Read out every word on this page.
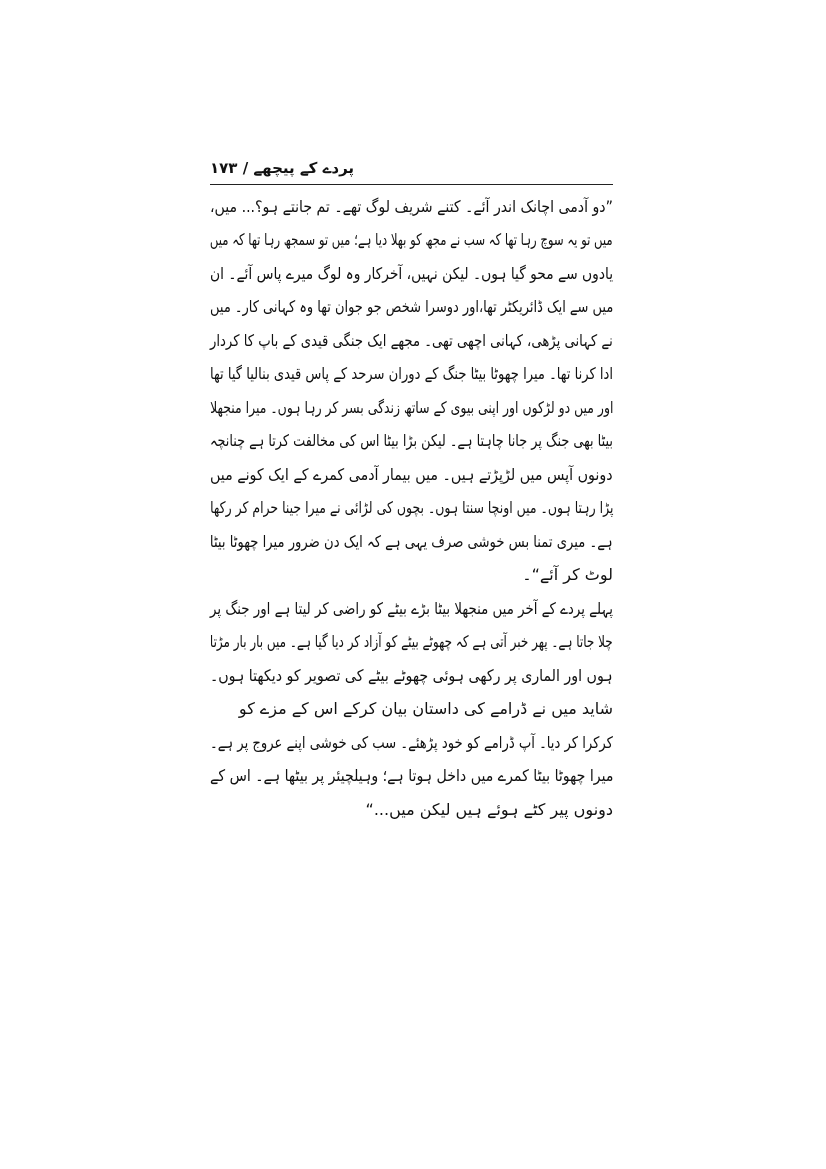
پردے کے پیچھے / ۱۷۳
”دو آدمی اچانک اندر آئے۔ کتنے شریف لوگ تھے۔ تم جانتے ہو؟... میں،
میں تو یہ سوچ رہا تھا کہ سب نے مجھ کو بھلا دیا ہے؛ میں تو سمجھ رہا تھا کہ میں
یادوں سے محو گیا ہوں۔ لیکن نہیں، آخرکار وہ لوگ میرے پاس آئے۔ ان
میں سے ایک ڈائریکٹر تھا،اور دوسرا شخص جو جوان تھا وہ کہانی کار۔ میں
نے کہانی پڑھی، کہانی اچھی تھی۔ مجھے ایک جنگی قیدی کے باپ کا کردار
ادا کرنا تھا۔ میرا چھوٹا بیٹا جنگ کے دوران سرحد کے پاس قیدی بنالیا گیا تھا
اور میں دو لڑکوں اور اپنی بیوی کے ساتھ زندگی بسر کر رہا ہوں۔ میرا منجھلا
بیٹا بھی جنگ پر جانا چاہتا ہے۔ لیکن بڑا بیٹا اس کی مخالفت کرتا ہے چنانچہ
دونوں آپس میں لڑپڑتے ہیں۔ میں بیمار آدمی کمرے کے ایک کونے میں
پڑا رہتا ہوں۔ میں اونچا سنتا ہوں۔ بچوں کی لڑائی نے میرا جینا حرام کر رکھا
ہے۔ میری تمنا بس خوشی صرف یہی ہے کہ ایک دن ضرور میرا چھوٹا بیٹا
لوٹ کر آئے“۔
پہلے پردے کے آخر میں منجھلا بیٹا بڑے بیٹے کو راضی کر لیتا ہے اور جنگ پر
چلا جاتا ہے۔ پھر خبر آتی ہے کہ چھوٹے بیٹے کو آزاد کر دیا گیا ہے۔ میں بار بار مڑتا
ہوں اور الماری پر رکھی ہوئی چھوٹے بیٹے کی تصویر کو دیکھتا ہوں۔
شاید میں نے ڈرامے کی داستان بیان کرکے اس کے مزے کو
کرکرا کر دیا۔ آپ ڈرامے کو خود پڑھئے۔ سب کی خوشی اپنے عروج پر ہے۔
میرا چھوٹا بیٹا کمرے میں داخل ہوتا ہے؛ وہیلچیئر پر بیٹھا ہے۔ اس کے
دونوں پیر کٹے ہوئے ہیں لیکن میں...“
